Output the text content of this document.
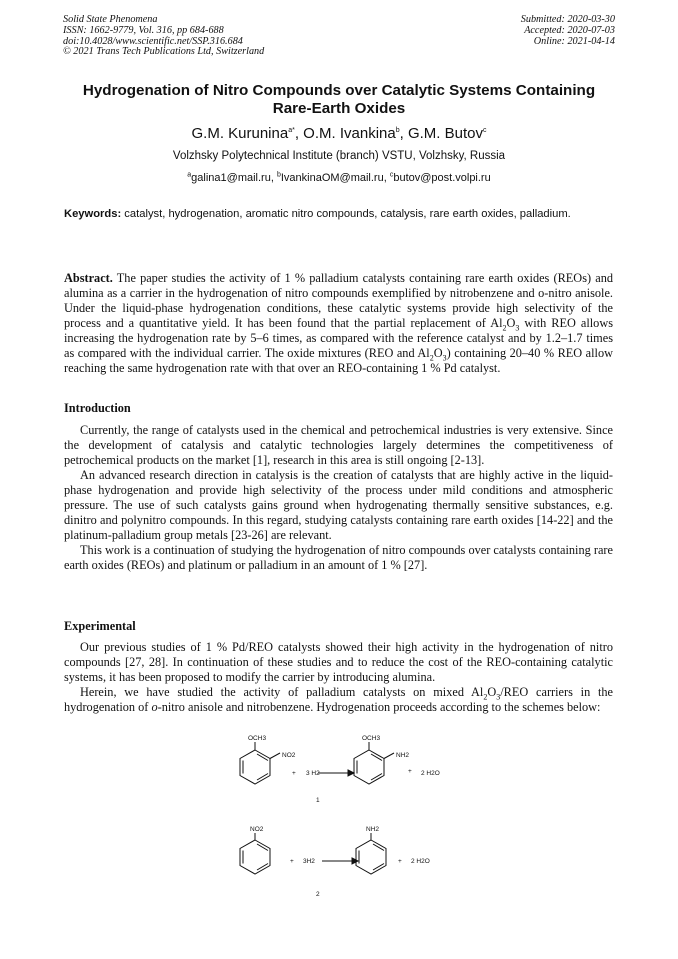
Solid State Phenomena
ISSN: 1662-9779, Vol. 316, pp 684-688
doi:10.4028/www.scientific.net/SSP.316.684
© 2021 Trans Tech Publications Ltd, Switzerland
Submitted: 2020-03-30
Accepted: 2020-07-03
Online: 2021-04-14
Hydrogenation of Nitro Compounds over Catalytic Systems Containing
Rare-Earth Oxides
G.M. Kurunina$^{a*}$, O.M. Ivankina$^b$, G.M. Butov$^c$
Volzhsky Polytechnical Institute (branch) VSTU, Volzhsky, Russia
$^a$galina1@mail.ru, $^b$IvankinaOM@mail.ru, $^c$butov@post.volpi.ru
Keywords: catalyst, hydrogenation, aromatic nitro compounds, catalysis, rare earth oxides, palladium.

Abstract. The paper studies the activity of 1 % palladium catalysts containing rare earth oxides (REOs) and alumina as a carrier in the hydrogenation of nitro compounds exemplified by nitrobenzene and o-nitro anisole. Under the liquid-phase hydrogenation conditions, these catalytic systems provide high selectivity of the process and a quantitative yield. It has been found that the partial replacement of $Al_2O_3$ with REO allows increasing the hydrogenation rate by 5–6 times, as compared with the reference catalyst and by 1.2–1.7 times as compared with the individual carrier. The oxide mixtures (REO and $Al_2O_3$) containing 20–40 % REO allow reaching the same hydrogenation rate with that over an REO-containing 1 % Pd catalyst.

Introduction

Currently, the range of catalysts used in the chemical and petrochemical industries is very extensive. Since the development of catalysis and catalytic technologies largely determines the competitiveness of petrochemical products on the market [1], research in this area is still ongoing [2-13].

An advanced research direction in catalysis is the creation of catalysts that are highly active in the liquid-phase hydrogenation and provide high selectivity of the process under mild conditions and atmospheric pressure. The use of such catalysts gains ground when hydrogenating thermally sensitive substances, e.g. dinitro and polynitro compounds. In this regard, studying catalysts containing rare earth oxides [14-22] and the platinum-palladium group metals [23-26] are relevant.

This work is a continuation of studying the hydrogenation of nitro compounds over catalysts containing rare earth oxides (REOs) and platinum or palladium in an amount of 1 % [27].

Experimental

Our previous studies of 1 % Pd/REO catalysts showed their high activity in the hydrogenation of nitro compounds [27, 28]. In continuation of these studies and to reduce the cost of the REO-containing catalytic systems, it has been proposed to modify the carrier by introducing alumina.

Herein, we have studied the activity of palladium catalysts on mixed $Al_2O_3$/REO carriers in the hydrogenation of o-nitro anisole and nitrobenzene. Hydrogenation proceeds according to the schemes below:

OCH3
NO2
+ 3 H2
OCH3
NH2
+ 2 H2O
1
NO2
+ 3H2
NH2
+ 2 H2O
2
